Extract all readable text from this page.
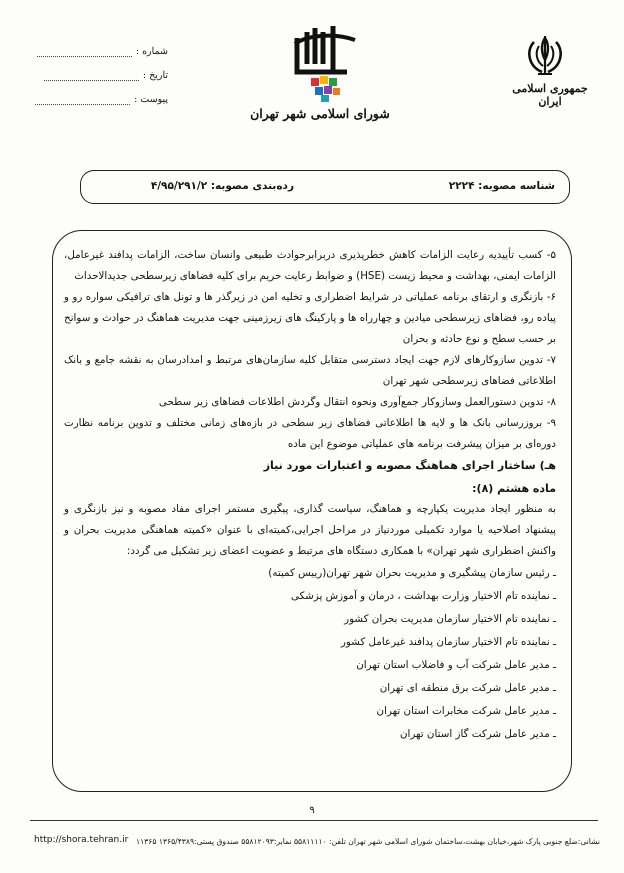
جمهوری اسلامی ایران
شورای اسلامی شهر تهران
شماره :
تاریخ :
پیوست :
شناسه مصوبه: ۲۲۲۴
رده‌بندی مصوبه: ۴/۹۵/۲۹۱/۲

۵- کسب تأییدیه رعایت الزامات کاهش خطرپذیری دربرابرحوادث طبیعی وانسان ساخت، الزامات پدافند غیرعامل، الزامات ایمنی، بهداشت و محیط زیست (HSE) و ضوابط رعایت حریم برای کلیه فضاهای زیرسطحی جدیدالاحداث

۶- بازنگری و ارتقای برنامه عملیاتی در شرایط اضطراری و تخلیه امن در زیرگذر ها و تونل های ترافیکی سواره رو و پیاده رو، فضاهای زیرسطحی میادین و چهارراه ها و پارکینگ های زیرزمینی جهت مدیریت هماهنگ در حوادث و سوانح بر حسب سطح و نوع حادثه و بحران

۷- تدوین سازوکارهای لازم جهت ایجاد دسترسی متقابل کلیه سازمان‌های مرتبط و امدادرسان به نقشه جامع و بانک اطلاعاتی فضاهای زیرسطحی شهر تهران

۸- تدوین دستورالعمل وسازوکار جمع‌آوری ونحوه انتقال وگردش اطلاعات فضاهای زیر سطحی

۹- بروزرسانی بانک ها و لایه ها اطلاعاتی فضاهای زیر سطحی در بازه‌های زمانی مختلف و تدوین برنامه نظارت دوره‌ای بر میزان پیشرفت برنامه های عملیاتی موضوع این ماده

هـ) ساختار اجرای هماهنگ مصوبه و اعتبارات مورد نیاز

ماده هشتم (۸):

به منظور ایجاد مدیریت یکپارچه و هماهنگ، سیاست گذاری، پیگیری مستمر اجرای مفاد مصوبه و نیز بازنگری و پیشنهاد اصلاحیه یا موارد تکمیلی موردنیاز در مراحل اجرایی،کمیته‌ای با عنوان «کمیته هماهنگی مدیریت بحران و واکنش اضطراری شهر تهران» با همکاری دستگاه های مرتبط و عضویت اعضای زیر تشکیل می گردد:

ـ رئیس سازمان پیشگیری و مدیریت بحران شهر تهران(رییس کمیته)

ـ نماینده تام الاختیار وزارت بهداشت ، درمان و آموزش پزشکی

ـ نماینده تام الاختیار سازمان مدیریت بحران کشور

ـ نماینده تام الاختیار سازمان پدافند غیرعامل کشور

ـ مدیر عامل شرکت آب و فاضلاب استان تهران

ـ مدیر عامل شرکت برق منطقه ای تهران

ـ مدیر عامل شرکت مخابرات استان تهران

ـ مدیر عامل شرکت گاز استان تهران

۹
نشانی:ضلع جنوبی پارک شهر،خیابان بهشت،ساختمان شورای اسلامی شهر تهران تلفن: ۵۵۸۱۱۱۱۰ نمابر:۵۵۸۱۲۰۹۳ صندوق پستی:۱۳۶۵/۴۳۸۹ ۱۱۳۶۵
http://shora.tehran.ir
